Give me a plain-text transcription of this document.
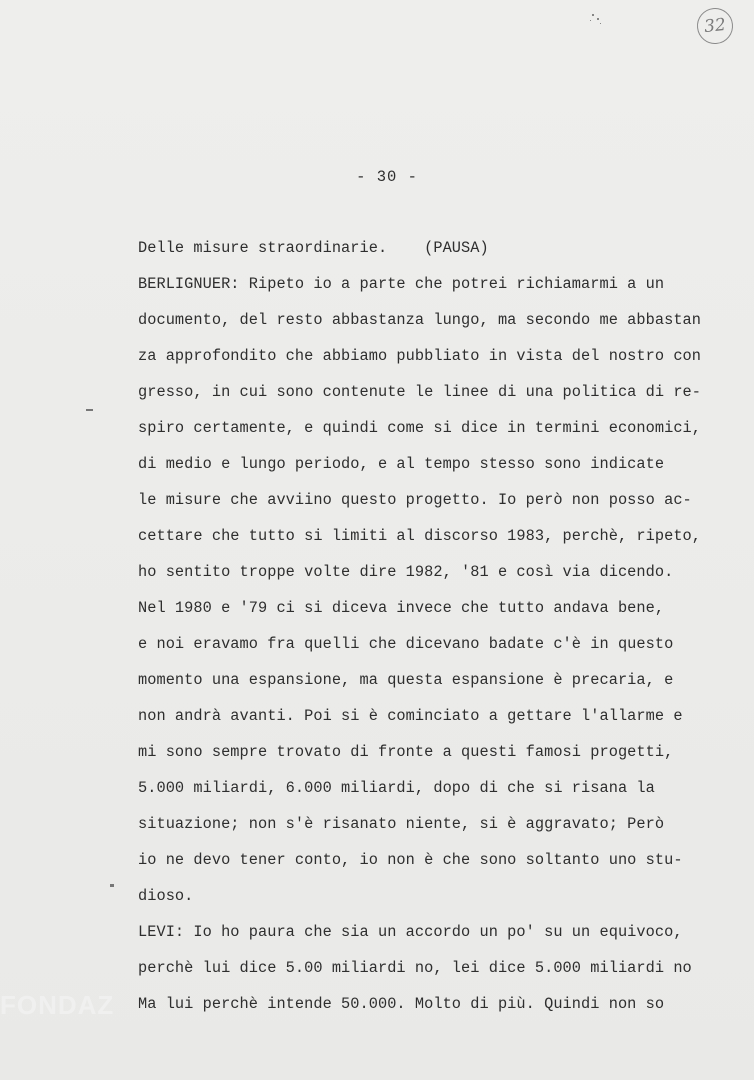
32
- 30 -
Delle misure straordinarie.    (PAUSA)
BERLIGNUER: Ripeto io a parte che potrei richiamarmi a un
documento, del resto abbastanza lungo, ma secondo me abbastan
za approfondito che abbiamo pubbliato in vista del nostro con
gresso, in cui sono contenute le linee di una politica di re-
spiro certamente, e quindi come si dice in termini economici,
di medio e lungo periodo, e al tempo stesso sono indicate
le misure che avviino questo progetto. Io però non posso ac-
cettare che tutto si limiti al discorso 1983, perchè, ripeto,
ho sentito troppe volte dire 1982, '81 e così via dicendo.
Nel 1980 e '79 ci si diceva invece che tutto andava bene,
e noi eravamo fra quelli che dicevano badate c'è in questo
momento una espansione, ma questa espansione è precaria, e
non andrà avanti. Poi si è cominciato a gettare l'allarme e
mi sono sempre trovato di fronte a questi famosi progetti,
5.000 miliardi, 6.000 miliardi, dopo di che si risana la
situazione; non s'è risanato niente, si è aggravato; Però
io ne devo tener conto, io non è che sono soltanto uno stu-
dioso.
LEVI: Io ho paura che sia un accordo un po' su un equivoco,
perchè lui dice 5.00 miliardi no, lei dice 5.000 miliardi no
Ma lui perchè intende 50.000. Molto di più. Quindi non so
FONDAZ
